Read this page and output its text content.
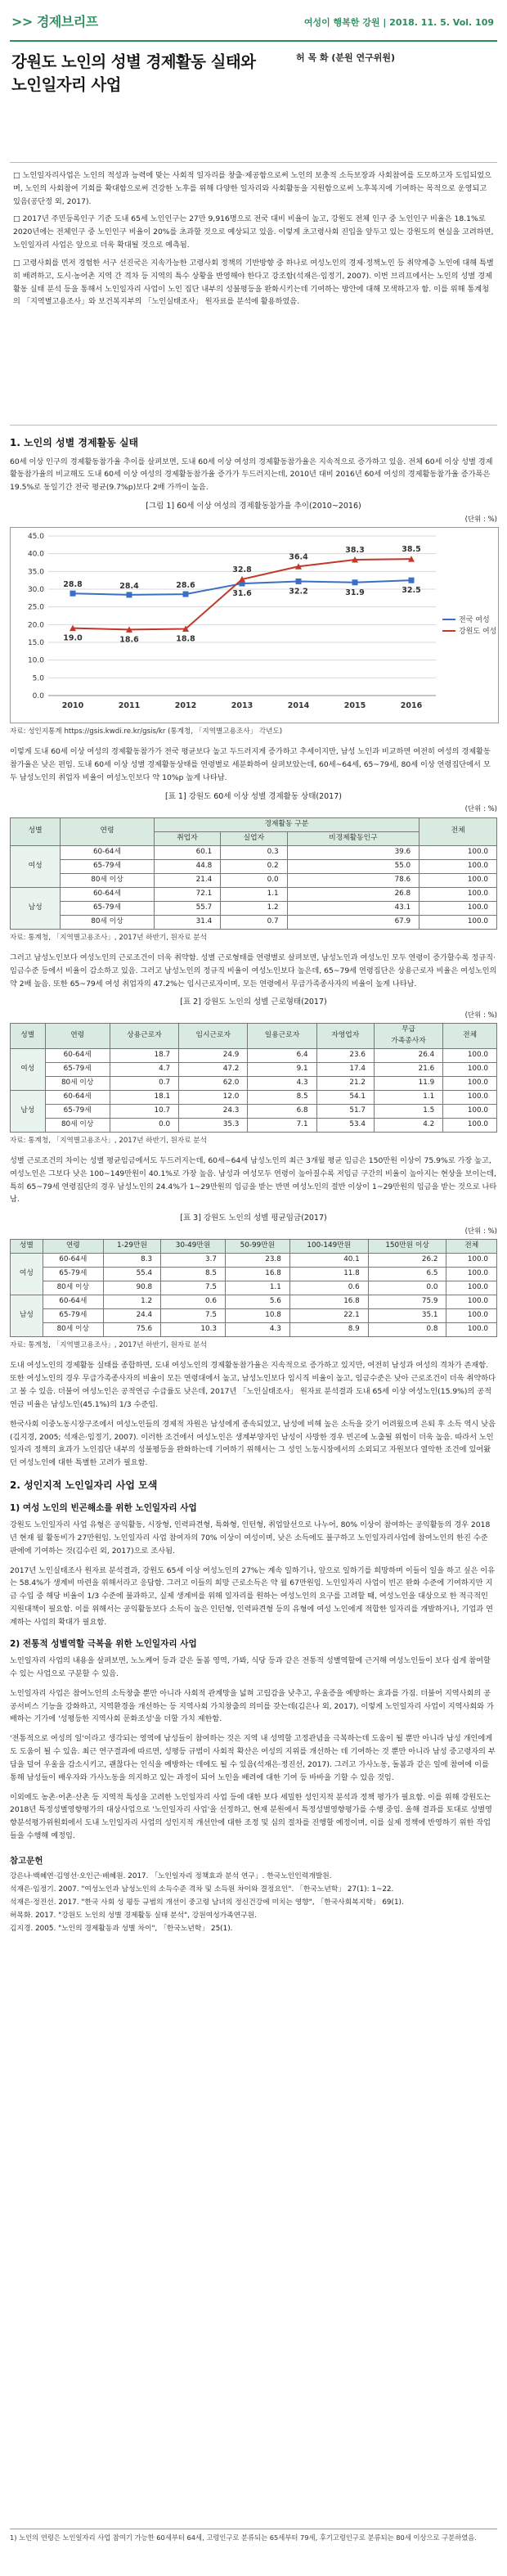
>> 경제브리프	여성이 행복한 강원 | 2018. 11. 5. Vol. 109
강원도 노인의 성별 경제활동 실태와
노인일자리 사업
허 목 화 (분원 연구위원)

□ 노인일자리사업은 노인의 적성과 능력에 맞는 사회적 일자리를 창출·제공함으로써 노인의 보충적 소득보장과 사회참여를 도모하고자 도입되었으며, 노인의 사회참여 기회를 확대함으로써 건강한 노후를 위해 다양한 일자리와 사회활동을 지원함으로써 노후복지에 기여하는 목적으로 운영되고 있음(공단정 외, 2017).

□ 2017년 주민등록인구 기준 도내 65세 노인인구는 27만 9,916명으로 전국 대비 비율이 높고, 강원도 전체 인구 중 노인인구 비율은 18.1%로 2020년에는 전체인구 중 노인인구 비율이 20%를 초과할 것으로 예상되고 있음. 이렇게 초고령사회 진입을 앞두고 있는 강원도의 현실을 고려하면, 노인일자리 사업은 앞으로 더욱 확대될 것으로 예측됨.

□ 고령사회를 먼저 경험한 서구 선진국은 지속가능한 고령사회 정책의 기반방향 중 하나로 여성노인의 경제·정책노인 등 취약계층 노인에 대해 특별히 배려하고, 도시·농어촌 지역 간 격차 등 지역의 특수 상황을 반영해야 한다고 강조함(석재은·임정기, 2007). 이번 브리프에서는 노인의 성별 경제활동 실태 분석 등을 통해서 노인일자리 사업이 노인 집단 내부의 성불평등을 완화시키는데 기여하는 방안에 대해 모색하고자 함. 이를 위해 통계청의 「지역별고용조사」와 보건복지부의 「노인실태조사」 원자료를 분석에 활용하였음.

1. 노인의 성별 경제활동 실태

60세 이상 인구의 경제활동참가율 추이를 살펴보면, 도내 60세 이상 여성의 경제활동참가율은 지속적으로 증가하고 있음. 전체 60세 이상 성별 경제활동참가율의 비교해도 도내 60세 이상 여성의 경제활동참가율 증가가 두드러지는데, 2010년 대비 2016년 60세 여성의 경제활동참가율 증가폭은 19.5%로 동일기간 전국 평균(9.7%p)보다 2배 가까이 높음.

[그림 1] 60세 이상 여성의 경제활동참가율 추이(2010~2016)
(단위 : %)
0.0
5.0
10.0
15.0
20.0
25.0
30.0
35.0
40.0
45.0
2010	2011	2012	2013	2014	2015	2016
28.8	28.4	28.6
31.6	32.2	31.9	32.5
19.0	18.6	18.8
32.8
36.4
38.3	38.5
전국 여성
강원도 여성
자료: 성인지통계 https://gsis.kwdi.re.kr/gsis/kr (통계청, 「지역별고용조사」 각년도)

이렇게 도내 60세 이상 여성의 경제활동참가가 전국 평균보다 높고 두드러지게 증가하고 추세이지만, 남성 노인과 비교하면 여전히 여성의 경제활동참가율은 낮은 편임. 도내 60세 이상 성별 경제활동상태를 연령별로 세분화하여 살펴보았는데, 60세~64세, 65~79세, 80세 이상 연령집단에서 모두 남성노인의 취업자 비율이 여성노인보다 약 10%p 높게 나타남.

[표 1] 강원도 60세 이상 성별 경제활동 상태(2017)
(단위 : %)
성별	연령	경제활동 구분			전체
		취업자	실업자	비경제활동인구	
여성	60-64세	60.1	0.3	39.6	100.0
	65-79세	44.8	0.2	55.0	100.0
	80세 이상	21.4	0.0	78.6	100.0
남성	60-64세	72.1	1.1	26.8	100.0
	65-79세	55.7	1.2	43.1	100.0
	80세 이상	31.4	0.7	67.9	100.0
자료: 통계청, 「지역별고용조사」, 2017년 하반기, 원자료 분석

그러고 남성노인보다 여성노인의 근로조건이 더욱 취약함. 성별 근로형태를 연령별로 살펴보면, 남성노인과 여성노인 모두 연령이 증가할수록 정규직·임금수준 등에서 비율이 감소하고 있음. 그러고 남성노인의 정규직 비율이 여성노인보다 높은데, 65~79세 연령집단은 상용근로자 비율은 여성노인의 약 2배 높음. 또한 65~79세 여성 취업자의 47.2%는 임시근로자이며, 모든 연령에서 무급가족종사자의 비율이 높게 나타남.

[표 2] 강원도 노인의 성별 근로형태(2017)
(단위 : %)
성별	연령	상용근로자	임시근로자	일용근로자	자영업자	무급
가족종사자	전체
여성	60-64세	18.7	24.9	6.4	23.6	26.4	100.0
	65-79세	4.7	47.2	9.1	17.4	21.6	100.0
	80세 이상	0.7	62.0	4.3	21.2	11.9	100.0
남성	60-64세	18.1	12.0	8.5	54.1	1.1	100.0
	65-79세	10.7	24.3	6.8	51.7	1.5	100.0
	80세 이상	0.0	35.3	7.1	53.4	4.2	100.0
자료: 통계청, 「지역별고용조사」, 2017년 하반기, 원자료 분석

성별 근로조건의 차이는 성별 평균임금에서도 두드러지는데, 60세~64세 남성노인의 최근 3개월 평균 임금은 150만원 이상이 75.9%로 가장 높고, 여성노인은 그보다 낮은 100~149만원이 40.1%로 가장 높음. 남성과 여성모두 연령이 높아질수록 저임금 구간의 비율이 높아지는 현상을 보이는데, 특히 65~79세 연령집단의 경우 남성노인의 24.4%가 1~29만원의 임금을 받는 반면 여성노인의 절반 이상이 1~29만원의 임금을 받는 것으로 나타남.

[표 3] 강원도 노인의 성별 평균임금(2017)
(단위 : %)
성별	연령	1-29만원	30-49만원	50-99만원	100-149만원	150만원 이상	전체
여성	60-64세	8.3	3.7	23.8	40.1	26.2	100.0
	65-79세	55.4	8.5	16.8	11.8	6.5	100.0
	80세 이상	90.8	7.5	1.1	0.6	0.0	100.0
남성	60-64세	1.2	0.6	5.6	16.8	75.9	100.0
	65-79세	24.4	7.5	10.8	22.1	35.1	100.0
	80세 이상	75.6	10.3	4.3	8.9	0.8	100.0
자료: 통계청, 「지역별고용조사」, 2017년 하반기, 원자료 분석

도내 여성노인의 경제활동 실태를 종합하면, 도내 여성노인의 경제활동참가율은 지속적으로 증가하고 있지만, 여전히 남성과 여성의 격차가 존재함. 또한 여성노인의 경우 무급가족종사자의 비율이 모든 연령대에서 높고, 남성노인보다 임시직 비율이 높고, 임금수준은 낮아 근로조건이 더욱 취약하다고 볼 수 있음. 더불어 여성노인은 공적연금 수급률도 낮은데, 2017년 「노인실태조사」 원자료 분석결과 도내 65세 이상 여성노인(15.9%)의 공적연금 비율은 남성노인(45.1%)의 1/3 수준임.

한국사회 이중노동시장구조에서 여성노인들의 경제적 자원은 남성에게 종속되었고, 남성에 비해 높은 소득을 갖기 어려웠으며 은퇴 후 소득 역시 낮음(김지경, 2005; 석재은·임정기, 2007). 이러한 조건에서 여성노인은 생계부양자인 남성이 사망한 경우 빈곤에 노출될 위험이 더욱 높음. 따라서 노인일자리 정책의 효과가 노인집단 내부의 성불평등을 완화하는데 기여하기 위해서는 그 성인 노동시장에서의 소외되고 자원보다 열악한 조건에 있어왔던 여성노인에 대한 특별한 고려가 필요함.

2. 성인지적 노인일자리 사업 모색
1) 여성 노인의 빈곤해소를 위한 노인일자리 사업

강원도 노인일자리 사업 유형은 공익활동, 시장형, 인력파견형, 특화형, 인턴형, 취업알선으로 나누어, 80% 이상이 참여하는 공익활동의 경우 2018년 현재 월 활동비가 27만원임. 노인일자리 사업 참여자의 70% 이상이 여성이며, 낮은 소득에도 불구하고 노인일자리사업에 참여노인의 한진 수준 판에에 기여하는 것(김수린 외, 2017)으로 조사됨.

2017년 노인실태조사 원자료 분석결과, 강원도 65세 이상 여성노인의 27%는 계속 일하기나, 앞으로 일하기를 희망하며 이들이 일을 하고 싶은 이유는 58.4%가 생계비 마련을 위해서라고 응답함. 그러고 이들의 희망 근로소득은 약 월 67만원임. 노인일자리 사업이 빈곤 완화 수준에 기여하지만 지금 수입 중 해당 비율이 1/3 수준에 불과하고, 실제 생계비를 위해 일자리를 원하는 여성노인의 요구를 고려할 때, 여성노인을 대상으로 한 적극적인 지원대책이 필요함. 이를 위해서는 공익활동보다 소득이 높은 인턴형, 인력파견형 등의 유형에 여성 노인에게 적합한 일자리를 개발하거나, 기업과 연계하는 사업의 확대가 필요함.

2) 전통적 성별역할 극복을 위한 노인일자리 사업

노인일자리 사업의 내용을 살펴보면, 노노케어 등과 같은 돌봄 영역, 가봐, 식당 등과 같은 전통적 성별역할에 근거해 여성노인들이 보다 쉽게 참여할 수 있는 사업으로 구분할 수 있음.

노인일자리 사업은 참여노인의 소득창출 뿐만 아니라 사회적 관계망을 넓혀 고립감을 낮추고, 우울증을 예방하는 효과를 가짐. 더불어 지역사회의 공공서비스 기능을 강화하고, 지역환경을 개선하는 등 지역사회 가치창출의 의미를 갖는데(김은나 외, 2017), 이렇게 노인일자리 사업이 지역사회와 가배하는 기가에 '성평등한 지역사회 문화조성'을 더할 가치 제한함.

'전통적으로 여성의 일'이라고 생각되는 영역에 남성들이 참여하는 것은 지역 내 성역할 고정관념을 극복하는데 도움이 될 뿐만 아니라 남성 개인에게도 도움이 될 수 있음. 최근 연구결과에 따르면, 성평등 규범이 사회적 확산은 여성의 지위를 개선하는 데 기여하는 것 뿐만 아니라 남성 중고령자의 부담을 덜어 우울을 감소시키고, 괜찮다는 인식을 예방하는 데에도 될 수 있음(석재은·정진선, 2017). 그러고 가사노동, 돌봄과 같은 일에 참여에 이를 통해 남성들이 배우자와 가사노동을 의지하고 있는 과정이 되어 노인을 배려에 대한 기여 등 바바을 기할 수 있음 것임.

이외에도 농촌·어촌·산촌 등 지역적 특성을 고려한 노인일자리 사업 등에 대한 보다 세밀한 성인지적 분석과 정책 평가가 필요함. 이를 위해 강원도는 2018년 특정성별영향평가의 대상사업으로 '노인일자리 사업'을 선정하고, 현재 분원에서 특정성별영향평가를 수행 중임. 올해 결과를 토대로 성별영향분석평가위원회에서 도내 노인일자리 사업의 성인지적 개선안에 대한 조정 및 심의 절차를 진행할 예정이며, 이를 실제 정책에 반영하기 위한 작업들을 수행해 예정임.

참고문헌

강은나·백혜연·김영선·오인근·배혜원. 2017. 「노인일자리 정책효과 분석 연구」. 한국노인인력개발원.

석재은·임정기. 2007. "여성노인과 남성노인의 소득수준 격차 및 소득원 차이와 결정요인". 「한국노년학」 27(1): 1~22.

석재은·정진선. 2017. "한국 사회 성 평등 규범의 개선이 중고령 남녀의 정신건강에 미치는 영향", 「한국사회복지학」 69(1).

허목화. 2017. "강원도 노인의 성별 경제활동 실태 분석", 강원여성가족연구원.

김지경. 2005. "노인의 경제활동과 성별 차이", 「한국노년학」 25(1).

1) 노인의 연령은 노인일자리 사업 참여기 가능한 60세부터 64세, 고령인구로 분류되는 65세부터 79세, 후기고령인구로 분류되는 80세 이상으로 구분하였음.
